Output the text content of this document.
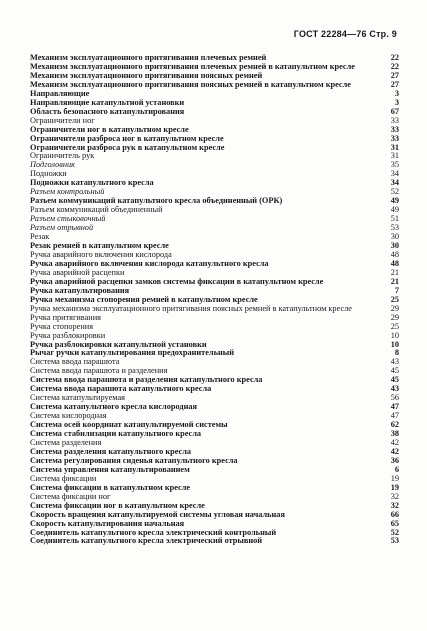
ГОСТ 22284—76 Стр. 9
Механизм эксплуатационного притягивания плечевых ремней	22
Механизм эксплуатационного притягивания плечевых ремней в катапультном кресле	22
Механизм эксплуатационного притягивания поясных ремней	27
Механизм эксплуатационного притягивания поясных ремней в катапультном кресле	27
Направляющие	3
Направляющие катапультной установки	3
Область безопасного катапультирования	67
Ограничители ног	33
Ограничители ног в катапультном кресле	33
Ограничители разброса ног в катапультном кресле	33
Ограничители разброса рук в катапультном кресле	31
Ограничитель рук	31
Подголовник	35
Подножки	34
Подножки катапультного кресла	34
Разъем контрольный	52
Разъем коммуникаций катапультного кресла объединенный (ОРК)	49
Разъем коммуникаций объединенный	49
Разъем стыковочный	51
Разъем отрывной	53
Резак	30
Резак ремней в катапультном кресле	30
Ручка аварийного включения кислорода	48
Ручка аварийного включения кислорода катапультного кресла	48
Ручка аварийной расцепки	21
Ручка аварийной расцепки замков системы фиксации в катапультном кресле	21
Ручка катапультирования	7
Ручка механизма стопорения ремней в катапультном кресле	25
Ручка механизма эксплуатационного притягивания поясных ремней в катапультном кресле	29
Ручка притягивания	29
Ручка стопорения	25
Ручка разблокировки	10
Ручка разблокировки катапультной установки	10
Рычаг ручки катапультирования предохранительный	8
Система ввода парашюта	43
Система ввода парашюта и разделения	45
Система ввода парашюта и разделения катапультного кресла	45
Система ввода парашюта катапультного кресла	43
Система катапультируемая	56
Система катапультного кресла кислородная	47
Система кислородная	47
Система осей координат катапультируемой системы	62
Система стабилизации катапультного кресла	38
Система разделения	42
Система разделения катапультного кресла	42
Система регулирования сиденья катапультного кресла	36
Система управления катапультированием	6
Система фиксации	19
Система фиксации в катапультном кресле	19
Система фиксации ног	32
Система фиксации ног в катапультном кресле	32
Скорость вращения катапультируемой системы угловая начальная	66
Скорость катапультирования начальная	65
Соединитель катапультного кресла электрический контрольный	52
Соединитель катапультного кресла электрический отрывной	53
